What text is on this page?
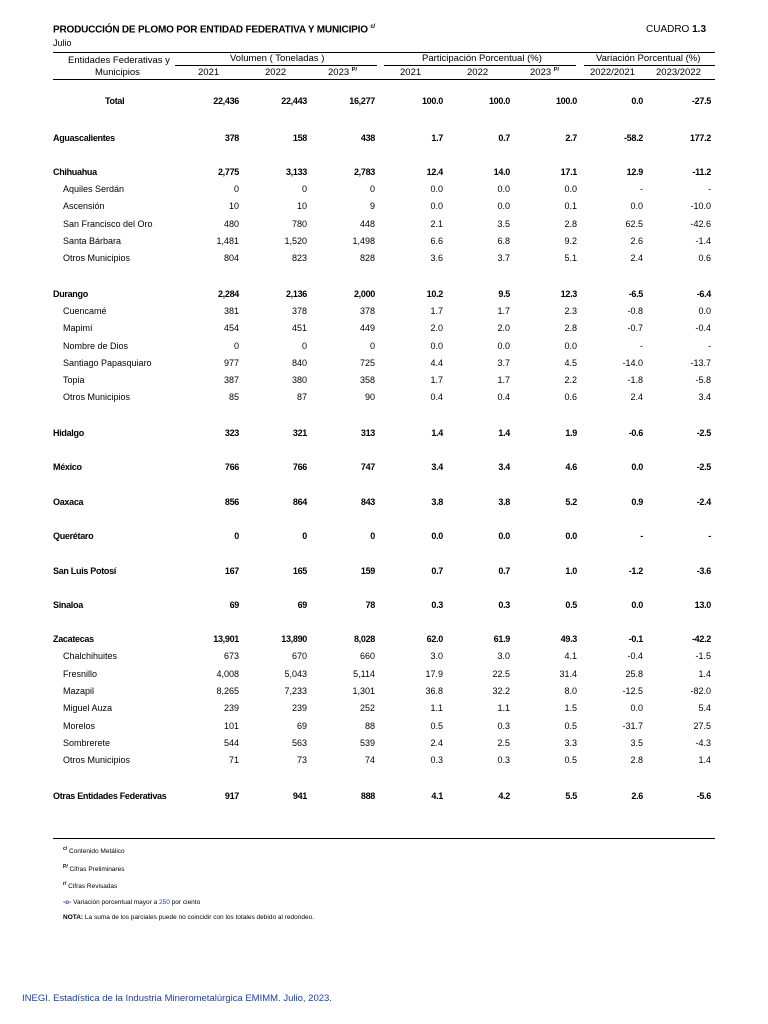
PRODUCCIÓN DE PLOMO POR ENTIDAD FEDERATIVA Y MUNICIPIO $^{c/}$
Julio
CUADRO 1.3
Entidades Federativas y
Municipios
Volumen ( Toneladas )	Participación Porcentual (%)	Variación Porcentual (%)
2021	2022	2023 $^{P/}$	2021	2022	2023 $^{P/}$	2022/2021 2023/2022
Total	22,436	22,443	16,277	100.0	100.0	100.0	0.0	-27.5
Aguascalientes	378	158	438	1.7	0.7	2.7	-58.2	177.2
Chihuahua	2,775	3,133	2,783	12.4	14.0	17.1	12.9	-11.2
Aquiles Serdán	0	0	0	0.0	0.0	0.0	-	-
Ascensión	10	10	9	0.0	0.0	0.1	0.0	-10.0
San Francisco del Oro	480	780	448	2.1	3.5	2.8	62.5	-42.6
Santa Bárbara	1,481	1,520	1,498	6.6	6.8	9.2	2.6	-1.4
Otros Municipios	804	823	828	3.6	3.7	5.1	2.4	0.6
Durango	2,284	2,136	2,000	10.2	9.5	12.3	-6.5	-6.4
Cuencamé	381	378	378	1.7	1.7	2.3	-0.8	0.0
Mapimí	454	451	449	2.0	2.0	2.8	-0.7	-0.4
Nombre de Dios	0	0	0	0.0	0.0	0.0	-	-
Santiago Papasquiaro	977	840	725	4.4	3.7	4.5	-14.0	-13.7
Topia	387	380	358	1.7	1.7	2.2	-1.8	-5.8
Otros Municipios	85	87	90	0.4	0.4	0.6	2.4	3.4
Hidalgo	323	321	313	1.4	1.4	1.9	-0.6	-2.5
México	766	766	747	3.4	3.4	4.6	0.0	-2.5
Oaxaca	856	864	843	3.8	3.8	5.2	0.9	-2.4
Querétaro	0	0	0	0.0	0.0	0.0	-	-
San Luis Potosí	167	165	159	0.7	0.7	1.0	-1.2	-3.6
Sinaloa	69	69	78	0.3	0.3	0.5	0.0	13.0
Zacatecas	13,901	13,890	8,028	62.0	61.9	49.3	-0.1	-42.2
Chalchihuites	673	670	660	3.0	3.0	4.1	-0.4	-1.5
Fresnillo	4,008	5,043	5,114	17.9	22.5	31.4	25.8	1.4
Mazapil	8,265	7,233	1,301	36.8	32.2	8.0	-12.5	-82.0
Miguel Auza	239	239	252	1.1	1.1	1.5	0.0	5.4
Morelos	101	69	88	0.5	0.3	0.5	-31.7	27.5
Sombrerete	544	563	539	2.4	2.5	3.3	3.5	-4.3
Otros Municipios	71	73	74	0.3	0.3	0.5	2.8	1.4
Otras Entidades Federativas	917	941	888	4.1	4.2	5.5	2.6	-5.6
$^{c/}$ Contenido Metálico
$^{P/}$ Cifras Preliminares
$^{r/}$ Cifras Revisadas
-o- Variación porcentual mayor a 250 por ciento
NOTA: La suma de los parciales puede no coincidir con los totales debido al redondeo.
INEGI. Estadística de la Industria Minerometalúrgica EMIMM. Julio, 2023.
